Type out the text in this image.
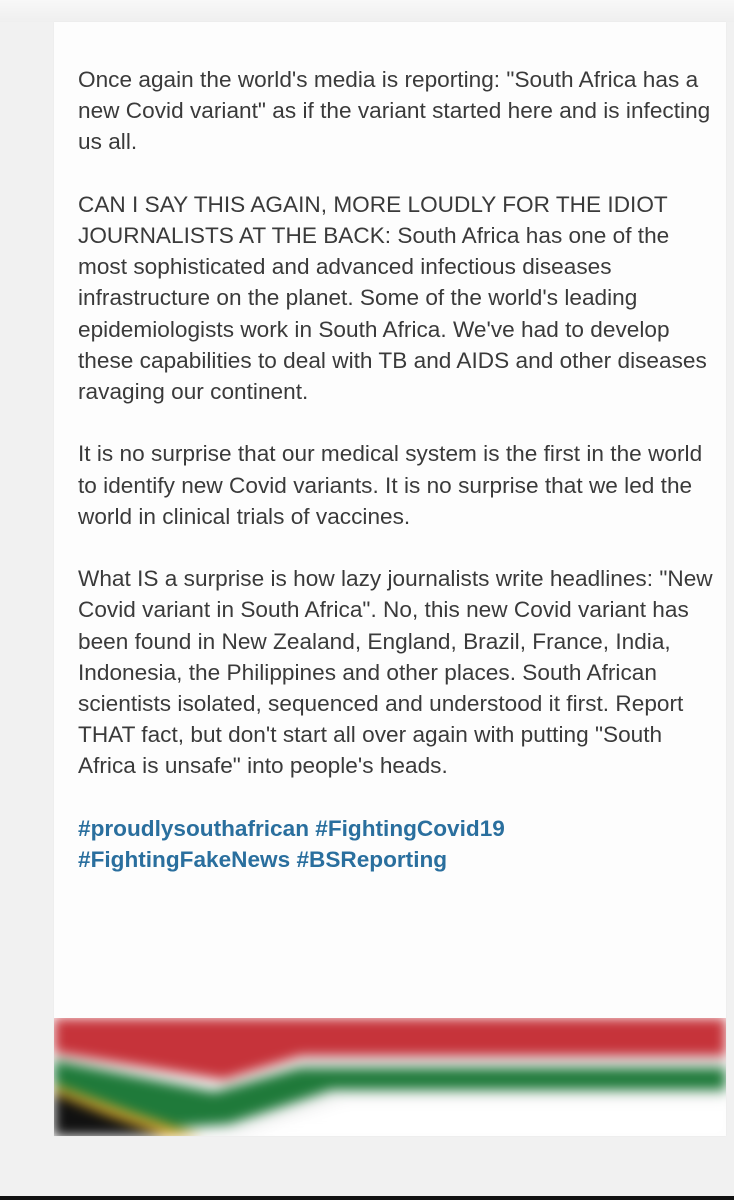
Once again the world's media is reporting: "South Africa has a new Covid variant" as if the variant started here and is infecting us all.

CAN I SAY THIS AGAIN, MORE LOUDLY FOR THE IDIOT JOURNALISTS AT THE BACK: South Africa has one of the most sophisticated and advanced infectious diseases infrastructure on the planet. Some of the world's leading epidemiologists work in South Africa. We've had to develop these capabilities to deal with TB and AIDS and other diseases ravaging our continent.

It is no surprise that our medical system is the first in the world to identify new Covid variants. It is no surprise that we led the world in clinical trials of vaccines.

What IS a surprise is how lazy journalists write headlines: "New Covid variant in South Africa". No, this new Covid variant has been found in New Zealand, England, Brazil, France, India, Indonesia, the Philippines and other places. South African scientists isolated, sequenced and understood it first. Report THAT fact, but don't start all over again with putting "South Africa is unsafe" into people's heads.

#proudlysouthafrican #FightingCovid19

#FightingFakeNews #BSReporting
